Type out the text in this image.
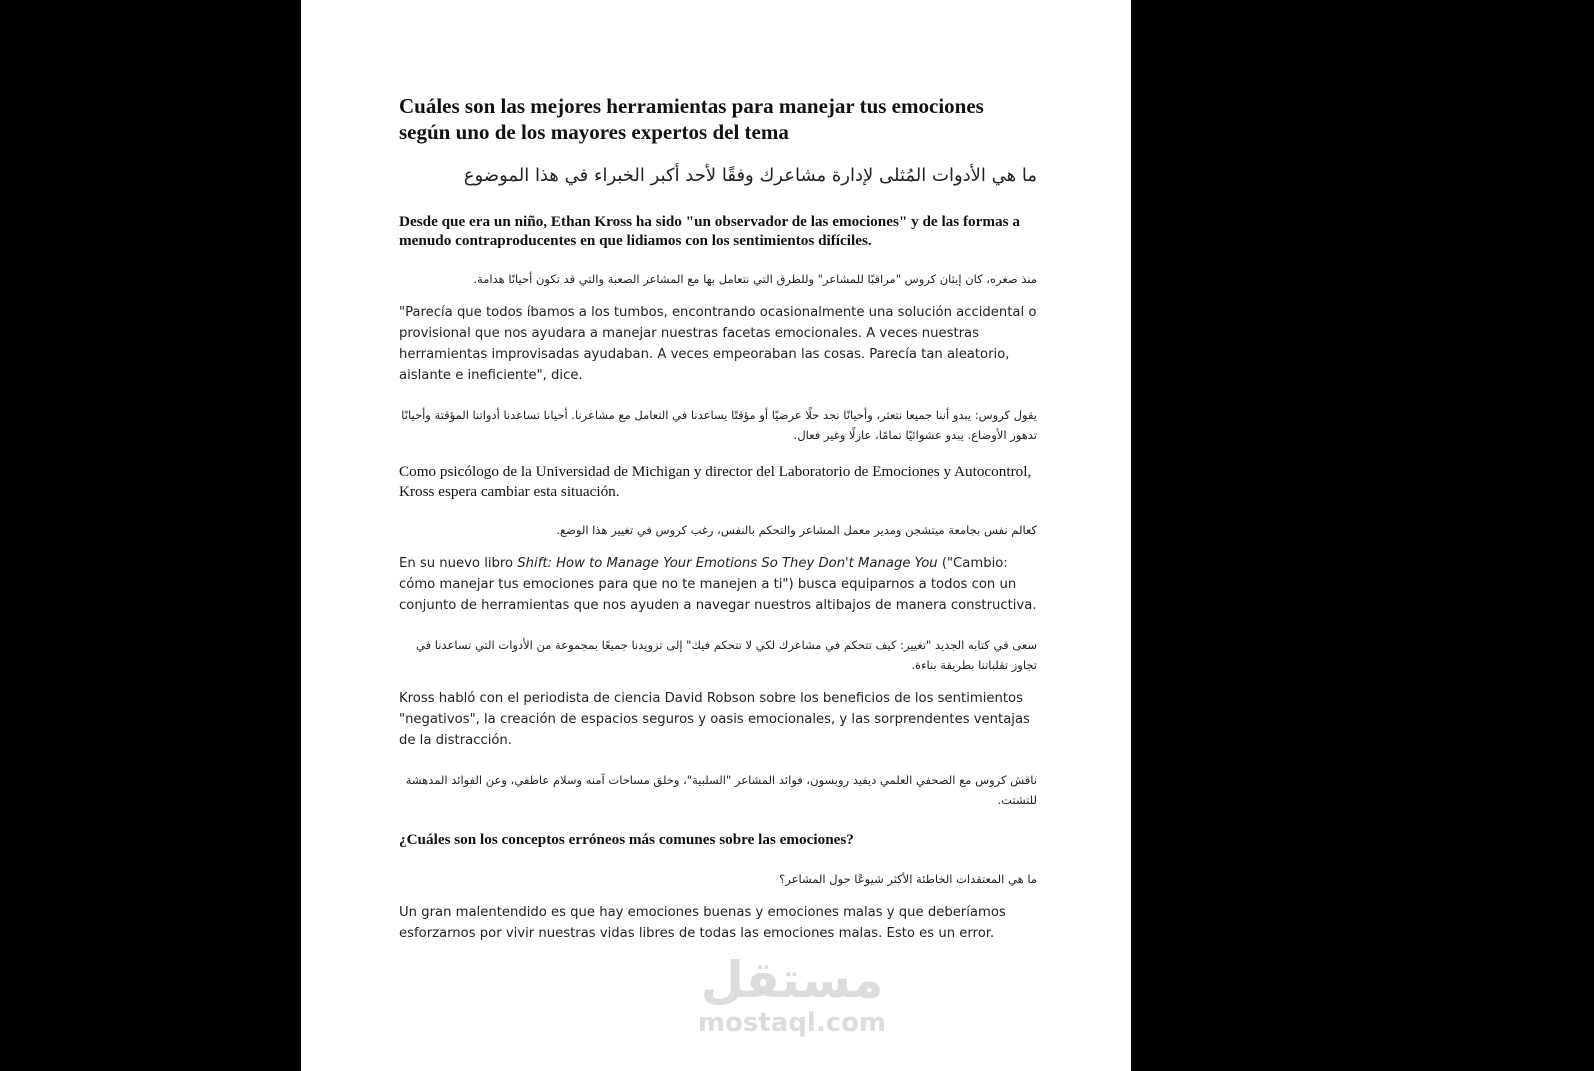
Cuáles son las mejores herramientas para manejar tus emociones según uno de los mayores expertos del tema

ما هي الأدوات المُثلى لإدارة مشاعرك وفقًا لأحد أكبر الخبراء في هذا الموضوع

Desde que era un niño, Ethan Kross ha sido "un observador de las emociones" y de las formas a menudo contraproducentes en que lidiamos con los sentimientos difíciles.

منذ صغره، كان إيثان كروس "مراقبًا للمشاعر" وللطرق التي نتعامل بها مع المشاعر الصعبة والتي قد تكون أحيانًا هدامة.

"Parecía que todos íbamos a los tumbos, encontrando ocasionalmente una solución accidental o provisional que nos ayudara a manejar nuestras facetas emocionales. A veces nuestras herramientas improvisadas ayudaban. A veces empeoraban las cosas. Parecía tan aleatorio, aislante e ineficiente", dice.

يقول كروس: يبدو أننا جميعا نتعثر، وأحيانًا نجد حلًا عرضيًا أو مؤقتًا يساعدنا في التعامل مع مشاعرنا. أحيانا تساعدنا أدواتنا المؤقتة وأحيانًا تدهور الأوضاع. يبدو عشوائيًا تمامًا، عازلًا وغير فعال.

Como psicólogo de la Universidad de Michigan y director del Laboratorio de Emociones y Autocontrol, Kross espera cambiar esta situación.

كعالم نفس بجامعة ميتشجن ومدير معمل المشاعر والتحكم بالنفس، رغب كروس في تغيير هذا الوضع.

En su nuevo libro Shift: How to Manage Your Emotions So They Don't Manage You ("Cambio: cómo manejar tus emociones para que no te manejen a ti") busca equiparnos a todos con un conjunto de herramientas que nos ayuden a navegar nuestros altibajos de manera constructiva.

سعى في كتابه الجديد "تغيير: كيف تتحكم في مشاعرك لكي لا تتحكم فيك" إلى تزويدنا جميعًا بمجموعة من الأدوات التي تساعدنا في تجاوز تقلباتنا بطريقة بناءة.

Kross habló con el periodista de ciencia David Robson sobre los beneficios de los sentimientos "negativos", la creación de espacios seguros y oasis emocionales, y las sorprendentes ventajas de la distracción.

ناقش كروس مع الصحفي العلمي ديفيد روبسون، فوائد المشاعر "السلبية"، وخلق مساحات آمنه وسلام عاطفي، وعن الفوائد المدهشة للتشتت.

¿Cuáles son los conceptos erróneos más comunes sobre las emociones?

ما هي المعتقدات الخاطئة الأكثر شيوعًا حول المشاعر؟

Un gran malentendido es que hay emociones buenas y emociones malas y que deberíamos esforzarnos por vivir nuestras vidas libres de todas las emociones malas. Esto es un error.

مستقل
mostaql.com
